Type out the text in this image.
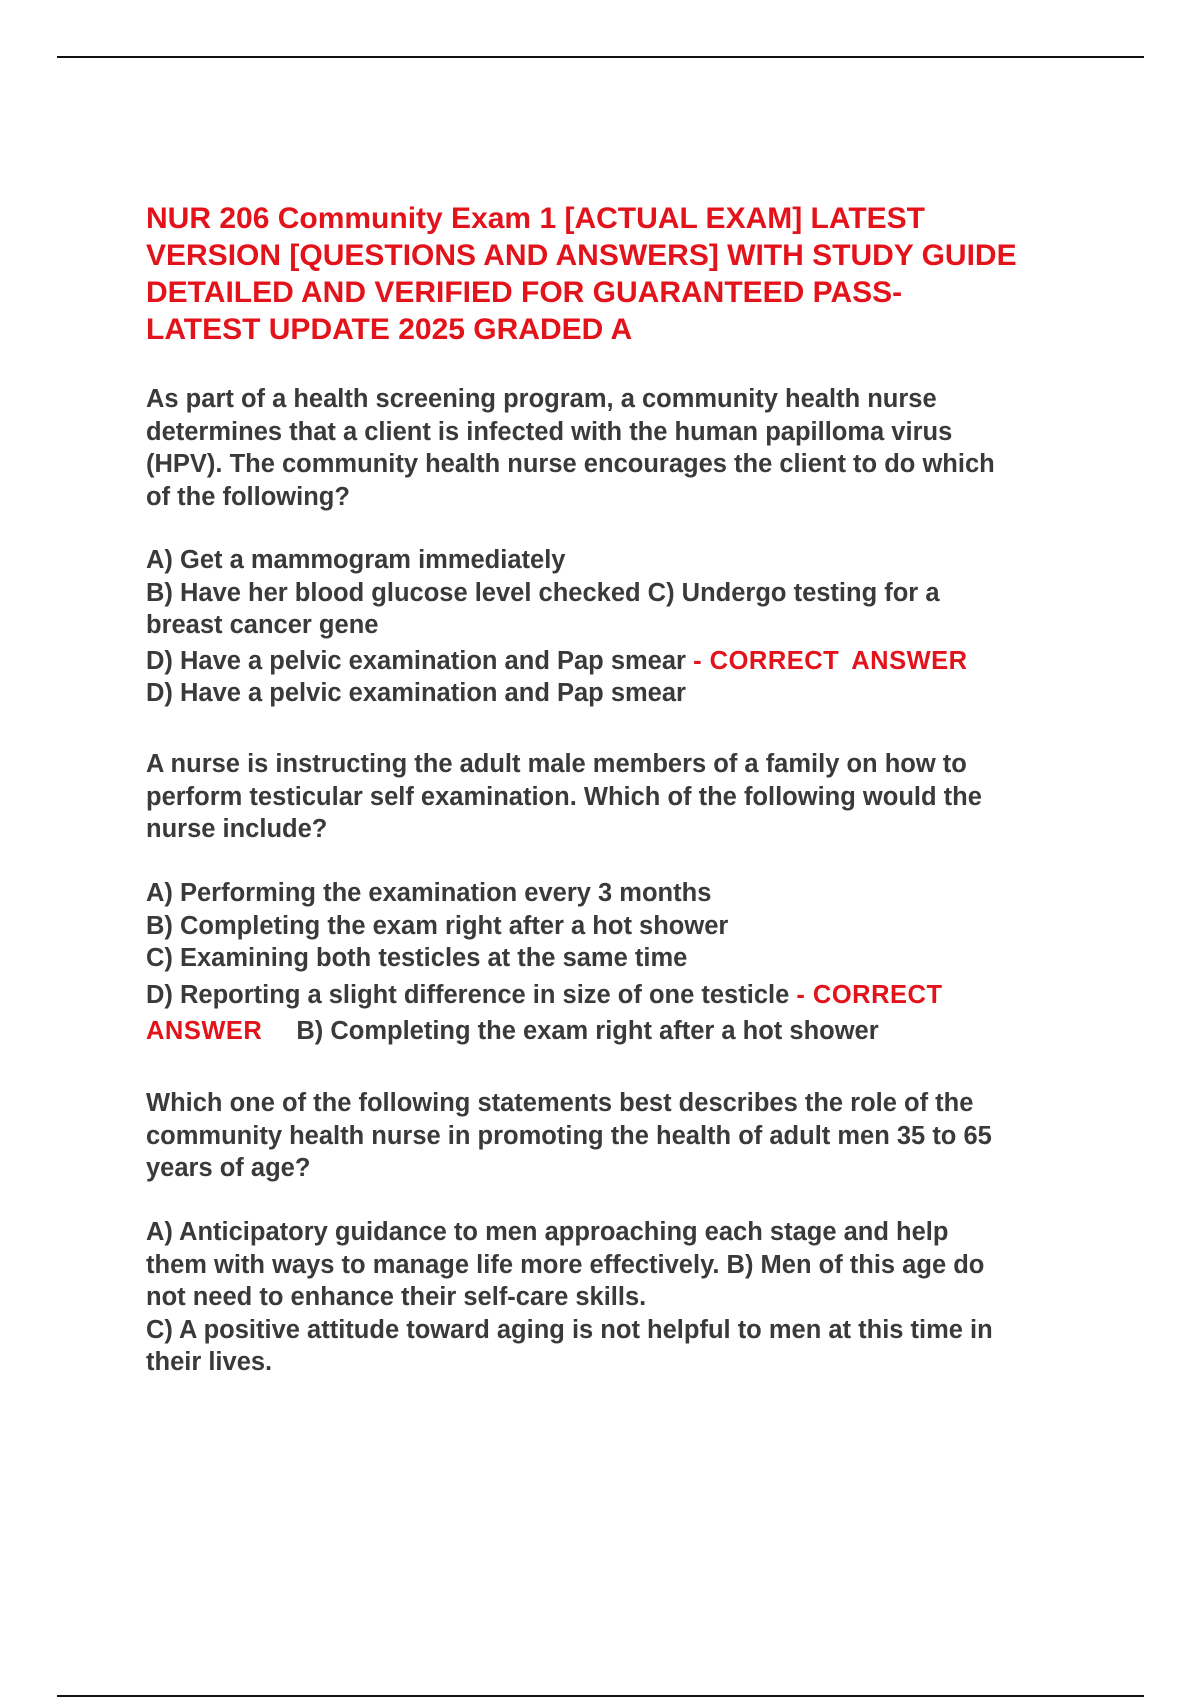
NUR 206 Community Exam 1 [ACTUAL EXAM] LATEST
VERSION [QUESTIONS AND ANSWERS] WITH STUDY GUIDE
DETAILED AND VERIFIED FOR GUARANTEED PASS-
LATEST UPDATE 2025 GRADED A

As part of a health screening program, a community health nurse
determines that a client is infected with the human papilloma virus
(HPV). The community health nurse encourages the client to do which
of the following?

A) Get a mammogram immediately
B) Have her blood glucose level checked C) Undergo testing for a
breast cancer gene
D) Have a pelvic examination and Pap smear - CORRECT ANSWER
D) Have a pelvic examination and Pap smear

A nurse is instructing the adult male members of a family on how to
perform testicular self examination. Which of the following would the
nurse include?

A) Performing the examination every 3 months
B) Completing the exam right after a hot shower
C) Examining both testicles at the same time
D) Reporting a slight difference in size of one testicle - CORRECT
ANSWER B) Completing the exam right after a hot shower

Which one of the following statements best describes the role of the
community health nurse in promoting the health of adult men 35 to 65
years of age?

A) Anticipatory guidance to men approaching each stage and help
them with ways to manage life more effectively. B) Men of this age do
not need to enhance their self-care skills.
C) A positive attitude toward aging is not helpful to men at this time in
their lives.
